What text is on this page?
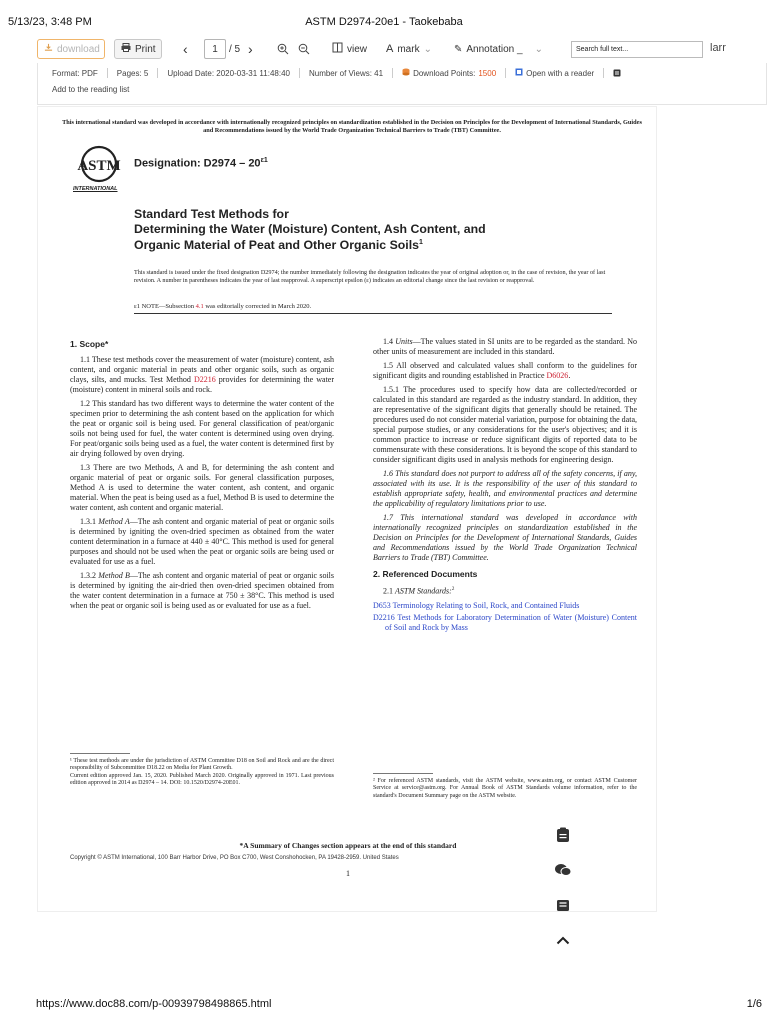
5/13/23, 3:48 PM	ASTM D2974-20e1 - Taokebaba
download	Print ‹	1	/ 5 ›	view A mark ⌄ ✎ Annotation _ ⌄	Search full text...	larr
Format: PDF Pages: 5 Upload Date: 2020-03-31 11:48:40 Number of Views: 41	Download Points: 1500	Open with a reader
Add to the reading list
This international standard was developed in accordance with internationally recognized principles on standardization established in the Decision on Principles for the Development of International Standards, Guides and Recommendations issued by the World Trade Organization Technical Barriers to Trade (TBT) Committee.
ASTM
INTERNATIONAL
Designation: $D2974 - 20^{\varepsilon 1}$
Standard Test Methods for
Determining the Water (Moisture) Content, Ash Content, and
Organic Material of Peat and Other Organic Soils$^1$
This standard is issued under the fixed designation D2974; the number immediately following the designation indicates the year of original adoption or, in the case of revision, the year of last revision. A number in parentheses indicates the year of last reapproval. A superscript epsilon (ε) indicates an editorial change since the last revision or reapproval.
ε1 NOTE—Subsection 4.1 was editorially corrected in March 2020.
1. Scope*

1.1 These test methods cover the measurement of water (moisture) content, ash content, and organic material in peats and other organic soils, such as organic clays, silts, and mucks. Test Method D2216 provides for determining the water (moisture) content in mineral soils and rock.

1.2 This standard has two different ways to determine the water content of the specimen prior to determining the ash content based on the application for which the peat or organic soil is being used. For general classification of peat/organic soils not being used for fuel, the water content is determined using oven drying. For peat/organic soils being used as a fuel, the water content is determined first by air drying followed by oven drying.

1.3 There are two Methods, A and B, for determining the ash content and organic material of peat or organic soils. For general classification purposes, Method A is used to determine the water content, ash content, and organic material. When the peat is being used as a fuel, Method B is used to determine the water content, ash content and organic material.

1.3.1 Method A—The ash content and organic material of peat or organic soils is determined by igniting the oven-dried specimen as obtained from the water content determination in a furnace at 440 ± 40°C. This method is used for general purposes and should not be used when the peat or organic soils are being used or evaluated for use as a fuel.

1.3.2 Method B—The ash content and organic material of peat or organic soils is determined by igniting the air-dried then oven-dried specimen obtained from the water content determination in a furnace at 750 ± 38°C. This method is used when the peat or organic soil is being used as or evaluated for use as a fuel.

1.4 Units—The values stated in SI units are to be regarded as the standard. No other units of measurement are included in this standard.

1.5 All observed and calculated values shall conform to the guidelines for significant digits and rounding established in Practice D6026.

1.5.1 The procedures used to specify how data are collected/recorded or calculated in this standard are regarded as the industry standard. In addition, they are representative of the significant digits that generally should be retained. The procedures used do not consider material variation, purpose for obtaining the data, special purpose studies, or any considerations for the user's objectives; and it is common practice to increase or reduce significant digits of reported data to be commensurate with these considerations. It is beyond the scope of this standard to consider significant digits used in analysis methods for engineering design.

1.6 This standard does not purport to address all of the safety concerns, if any, associated with its use. It is the responsibility of the user of this standard to establish appropriate safety, health, and environmental practices and determine the applicability of regulatory limitations prior to use.

1.7 This international standard was developed in accordance with internationally recognized principles on standardization established in the Decision on Principles for the Development of International Standards, Guides and Recommendations issued by the World Trade Organization Technical Barriers to Trade (TBT) Committee.

2. Referenced Documents

2.1 ASTM Standards:$^2$

D653 Terminology Relating to Soil, Rock, and Contained Fluids
D2216 Test Methods for Laboratory Determination of Water (Moisture) Content of Soil and Rock by Mass
¹ These test methods are under the jurisdiction of ASTM Committee D18 on Soil and Rock and are the direct responsibility of Subcommittee D18.22 on Media for Plant Growth.
Current edition approved Jan. 15, 2020. Published March 2020. Originally approved in 1971. Last previous edition approved in 2014 as D2974 – 14. DOI: 10.1520/D2974-20E01.	² For referenced ASTM standards, visit the ASTM website, www.astm.org, or contact ASTM Customer Service at service@astm.org. For Annual Book of ASTM Standards volume information, refer to the standard's Document Summary page on the ASTM website.
*A Summary of Changes section appears at the end of this standard
Copyright © ASTM International, 100 Barr Harbor Drive, PO Box C700, West Conshohocken, PA 19428-2959. United States
1
https://www.doc88.com/p-00939798498865.html	1/6
